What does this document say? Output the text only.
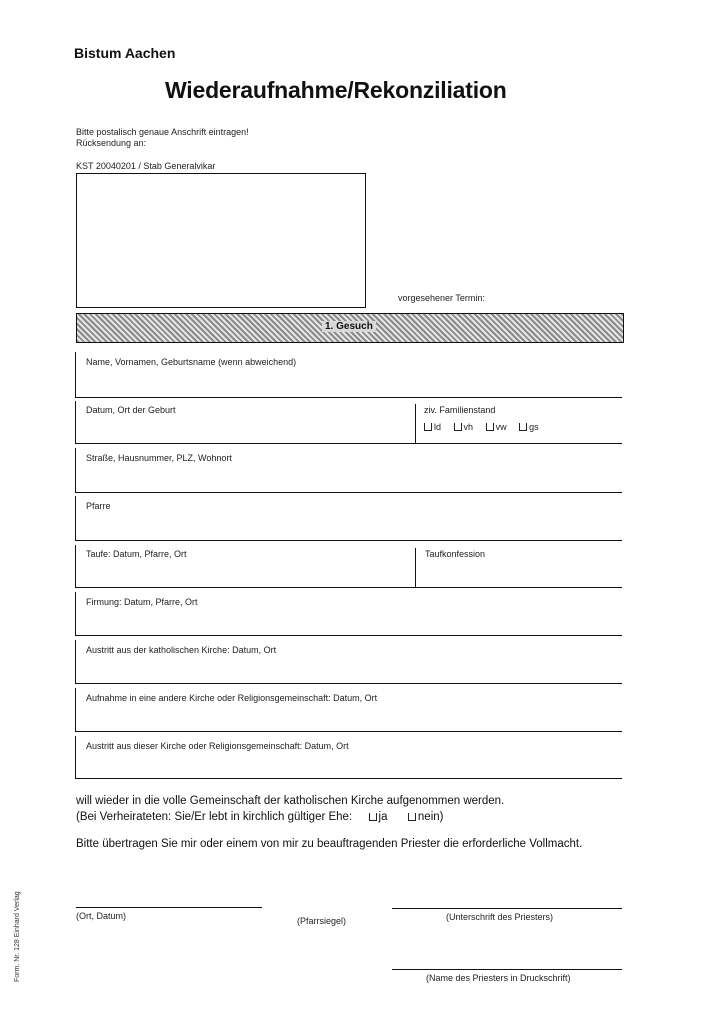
Bistum Aachen
Wiederaufnahme/Rekonziliation
Bitte postalisch genaue Anschrift eintragen!
Rücksendung an:
KST 20040201 / Stab Generalvikar
vorgesehener Termin:
1. Gesuch
Name, Vornamen, Geburtsname (wenn abweichend)
Datum, Ort der Geburt	ziv. Familienstand
ld	vh	vw	gs
Straße, Hausnummer, PLZ, Wohnort
Pfarre
Taufe: Datum, Pfarre, Ort	Taufkonfession
Firmung: Datum, Pfarre, Ort
Austritt aus der katholischen Kirche: Datum, Ort
Aufnahme in eine andere Kirche oder Religionsgemeinschaft: Datum, Ort
Austritt aus dieser Kirche oder Religionsgemeinschaft: Datum, Ort
will wieder in die volle Gemeinschaft der katholischen Kirche aufgenommen werden.
(Bei Verheirateten: Sie/Er lebt in kirchlich gültiger Ehe: ja	nein)
Bitte übertragen Sie mir oder einem von mir zu beauftragenden Priester die erforderliche Vollmacht.
(Ort, Datum)	(Pfarrsiegel)	(Unterschrift des Priesters)
(Name des Priesters in Druckschrift)
Form. Nr. 128 Einhard Verlag
